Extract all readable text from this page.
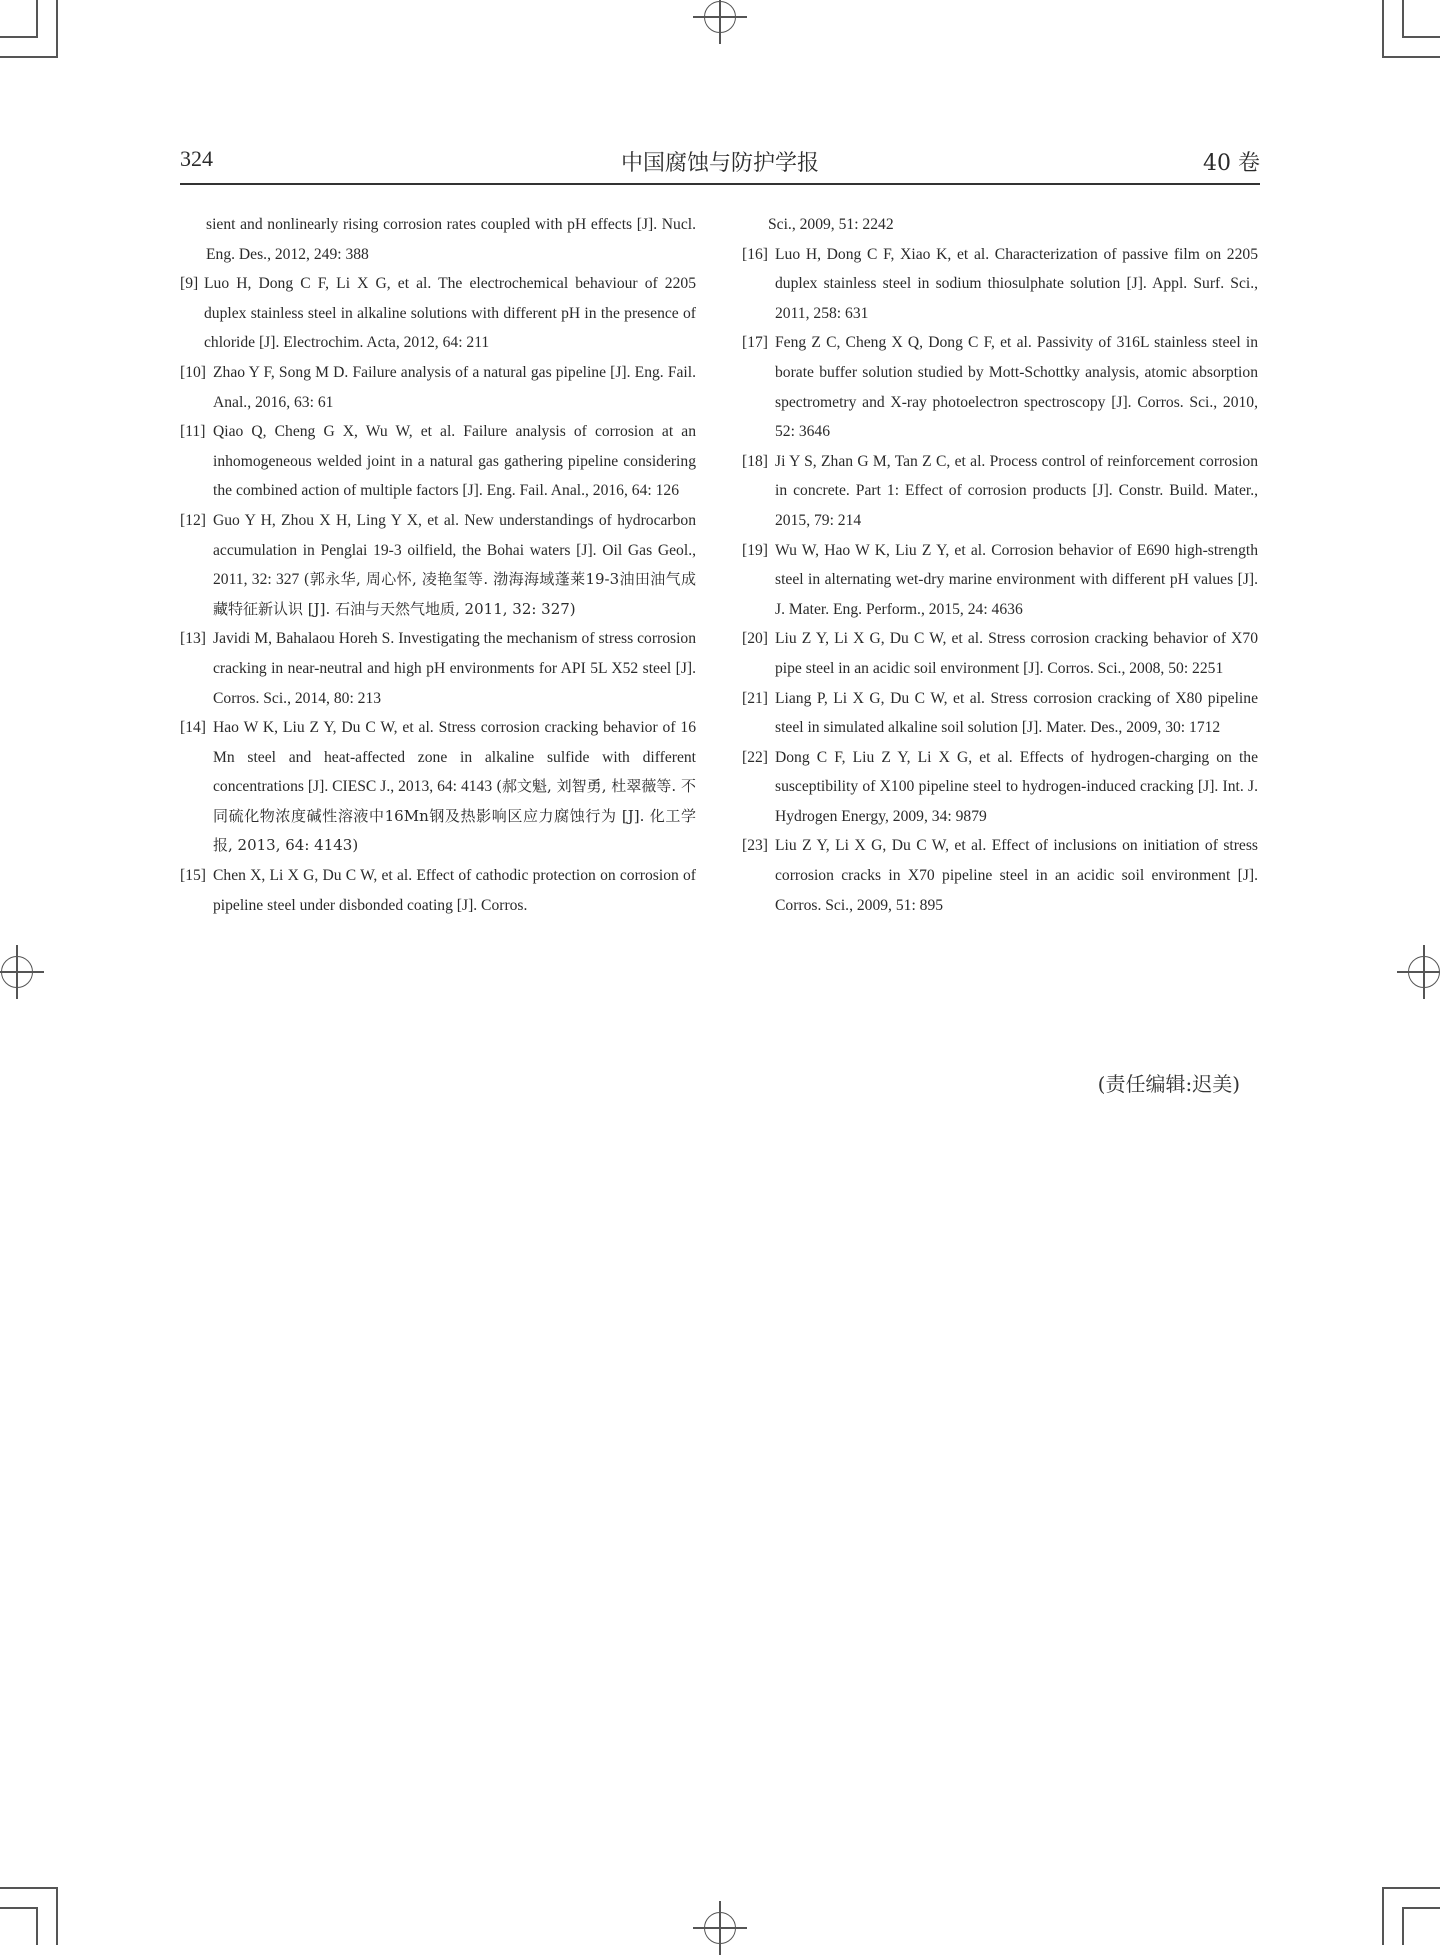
324	中国腐蚀与防护学报	40 卷

sient and nonlinearly rising corrosion rates coupled with pH effects [J]. Nucl. Eng. Des., 2012, 249: 388

[9] Luo H, Dong C F, Li X G, et al. The electrochemical behaviour of 2205 duplex stainless steel in alkaline solutions with different pH in the presence of chloride [J]. Electrochim. Acta, 2012, 64: 211

[10] Zhao Y F, Song M D. Failure analysis of a natural gas pipeline [J]. Eng. Fail. Anal., 2016, 63: 61

[11] Qiao Q, Cheng G X, Wu W, et al. Failure analysis of corrosion at an inhomogeneous welded joint in a natural gas gathering pipeline considering the combined action of multiple factors [J]. Eng. Fail. Anal., 2016, 64: 126

[12] Guo Y H, Zhou X H, Ling Y X, et al. New understandings of hydrocarbon accumulation in Penglai 19-3 oilfield, the Bohai waters [J]. Oil Gas Geol., 2011, 32: 327 (郭永华, 周心怀, 凌艳玺等. 渤海海域蓬莱19-3油田油气成藏特征新认识 [J]. 石油与天然气地质, 2011, 32: 327)

[13] Javidi M, Bahalaou Horeh S. Investigating the mechanism of stress corrosion cracking in near-neutral and high pH environments for API 5L X52 steel [J]. Corros. Sci., 2014, 80: 213

[14] Hao W K, Liu Z Y, Du C W, et al. Stress corrosion cracking behavior of 16 Mn steel and heat-affected zone in alkaline sulfide with different concentrations [J]. CIESC J., 2013, 64: 4143 (郝文魁, 刘智勇, 杜翠薇等. 不同硫化物浓度碱性溶液中16Mn钢及热影响区应力腐蚀行为 [J]. 化工学报, 2013, 64: 4143)

[15] Chen X, Li X G, Du C W, et al. Effect of cathodic protection on corrosion of pipeline steel under disbonded coating [J]. Corros.

Sci., 2009, 51: 2242

[16] Luo H, Dong C F, Xiao K, et al. Characterization of passive film on 2205 duplex stainless steel in sodium thiosulphate solution [J]. Appl. Surf. Sci., 2011, 258: 631

[17] Feng Z C, Cheng X Q, Dong C F, et al. Passivity of 316L stainless steel in borate buffer solution studied by Mott-Schottky analysis, atomic absorption spectrometry and X-ray photoelectron spectroscopy [J]. Corros. Sci., 2010, 52: 3646

[18] Ji Y S, Zhan G M, Tan Z C, et al. Process control of reinforcement corrosion in concrete. Part 1: Effect of corrosion products [J]. Constr. Build. Mater., 2015, 79: 214

[19] Wu W, Hao W K, Liu Z Y, et al. Corrosion behavior of E690 high-strength steel in alternating wet-dry marine environment with different pH values [J]. J. Mater. Eng. Perform., 2015, 24: 4636

[20] Liu Z Y, Li X G, Du C W, et al. Stress corrosion cracking behavior of X70 pipe steel in an acidic soil environment [J]. Corros. Sci., 2008, 50: 2251

[21] Liang P, Li X G, Du C W, et al. Stress corrosion cracking of X80 pipeline steel in simulated alkaline soil solution [J]. Mater. Des., 2009, 30: 1712

[22] Dong C F, Liu Z Y, Li X G, et al. Effects of hydrogen-charging on the susceptibility of X100 pipeline steel to hydrogen-induced cracking [J]. Int. J. Hydrogen Energy, 2009, 34: 9879

[23] Liu Z Y, Li X G, Du C W, et al. Effect of inclusions on initiation of stress corrosion cracks in X70 pipeline steel in an acidic soil environment [J]. Corros. Sci., 2009, 51: 895

(责任编辑:迟美)
